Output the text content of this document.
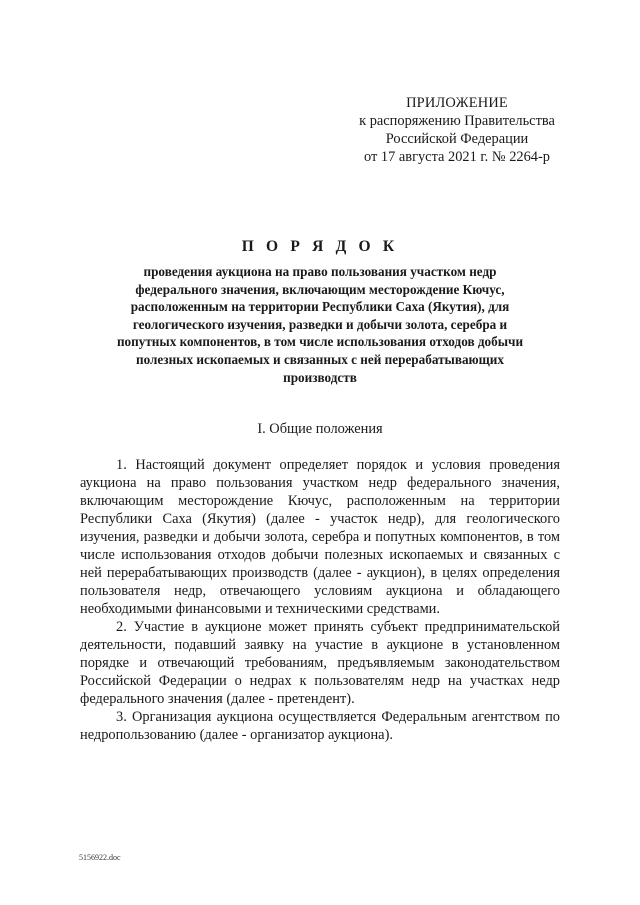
ПРИЛОЖЕНИЕ
к распоряжению Правительства
Российской Федерации
от 17 августа 2021 г. № 2264-р
П О Р Я Д О К
проведения аукциона на право пользования участком недр
федерального значения, включающим месторождение Кючус,
расположенным на территории Республики Саха (Якутия), для
геологического изучения, разведки и добычи золота, серебра и
попутных компонентов, в том числе использования отходов добычи
полезных ископаемых и связанных с ней перерабатывающих
производств
I. Общие положения

1. Настоящий документ определяет порядок и условия проведения аукциона на право пользования участком недр федерального значения, включающим месторождение Кючус, расположенным на территории Республики Саха (Якутия) (далее - участок недр), для геологического изучения, разведки и добычи золота, серебра и попутных компонентов, в том числе использования отходов добычи полезных ископаемых и связанных с ней перерабатывающих производств (далее - аукцион), в целях определения пользователя недр, отвечающего условиям аукциона и обладающего необходимыми финансовыми и техническими средствами.

2. Участие в аукционе может принять субъект предпринимательской деятельности, подавший заявку на участие в аукционе в установленном порядке и отвечающий требованиям, предъявляемым законодательством Российской Федерации о недрах к пользователям недр на участках недр федерального значения (далее - претендент).

3. Организация аукциона осуществляется Федеральным агентством по недропользованию (далее - организатор аукциона).

5156922.doc
